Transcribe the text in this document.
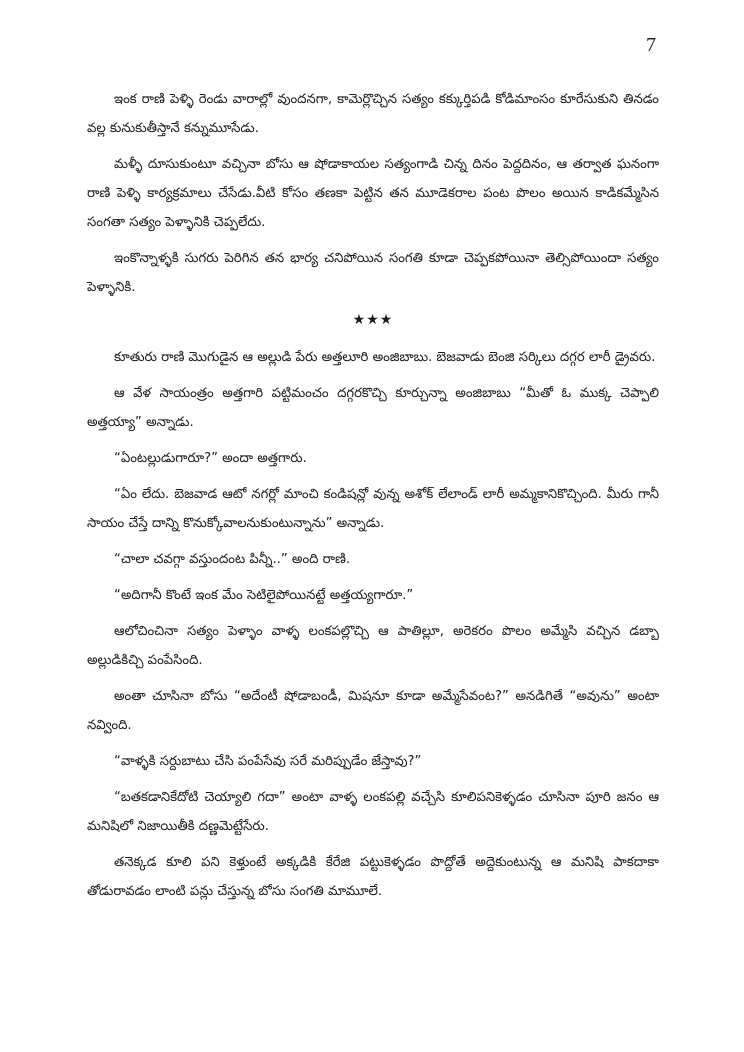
7

ఇంక రాణి పెళ్ళి రెండు వారాల్లో వుందనగా, కామెర్లొచ్చిన సత్యం కక్కుర్తిపడి కోడిమాంసం కూరేసుకుని తినడం వల్ల కునుకుతీస్తానే కన్నుమూసేడు.

మళ్ళీ దూసుకుంటూ వచ్చినా బోసు ఆ షోడాకాయల సత్యంగాడి చిన్న దినం పెద్దదినం, ఆ తర్వాత ఘనంగా రాణి పెళ్ళి కార్యక్రమాలు చేసేడు.వీటి కోసం తణకా పెట్టిన తన మూడెకరాల పంట పొలం అయిన కాడికమ్మేసిన సంగతా సత్యం పెళ్ళానికి చెప్పలేదు.

ఇంకొన్నాళ్ళకి సుగరు పెరిగిన తన భార్య చనిపోయిన సంగతి కూడా చెప్పకపోయినా తెల్సిపోయిందా సత్యం పెళ్ళానికి.

★★★

కూతురు రాణి మొగుడైన ఆ అల్లుడి పేరు అత్తలూరి అంజిబాబు. బెజవాడు బెంజి సర్కిలు దగ్గర లారీ డ్రైవరు.

ఆ వేళ సాయంత్రం అత్తగారి పట్టిమంచం దగ్గరకొచ్చి కూర్చున్నా అంజిబాబు “మీతో ఓ ముక్క చెప్పాలి అత్తయ్యా” అన్నాడు.

“ఏంటల్లుడుగారూ?” అందా అత్తగారు.

“ఏం లేదు. బెజవాడ ఆటో నగర్లో మాంచి కండిషన్లో వున్న అశోక్ లేలాండ్ లారీ అమ్మకానికొచ్చింది. మీరు గానీ సాయం చేస్తే దాన్ని కొనుక్కోవాలనుకుంటున్నాను” అన్నాడు.

“చాలా చవగ్గా వస్తుందంట పిన్నీ..” అంది రాణి.

“అదిగానీ కొంటే ఇంక మేం సెటిలైపోయినట్టే అత్తయ్యగారూ.”

ఆలోచించినా సత్యం పెళ్ళాం వాళ్ళ లంకపల్లొచ్చి ఆ పాతిల్లూ, అరెకరం పొలం అమ్మేసి వచ్చిన డబ్బా అల్లుడికిచ్చి పంపేసింది.

అంతా చూసినా బోసు “అదేంటీ షోడాబండీ, మిషనూ కూడా అమ్మేసేవంట?” అనడిగితే “అవును” అంటా నవ్వింది.

“వాళ్ళకి సర్దుబాటు చేసి పంపేసేవు సరే మరిప్పుడేం జేస్తావు?”

“బతకడానికేదోటి చెయ్యాలి గదా” అంటా వాళ్ళ లంకపల్లి వచ్చేసి కూలిపనికెళ్ళడం చూసినా పూరి జనం ఆ మనిషిలో నిజాయితీకి దణ్ణమెట్టేసేరు.

తనెక్కడ కూలి పని కెళ్తుంటే అక్కడికి కేరేజి పట్టుకెళ్ళడం పొద్దోతే అద్దెకుంటున్న ఆ మనిషి పాకదాకా తోడురావడం లాంటి పన్లు చేస్తున్న బోసు సంగతి మామూలే.
